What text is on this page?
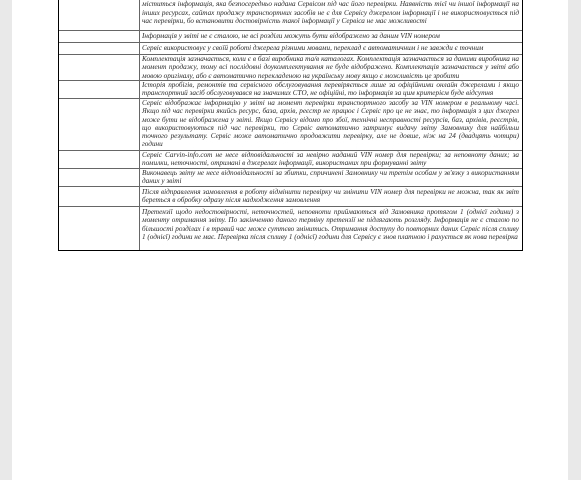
міститься інформація, яка безпосередньо надана Сервісом під час його перевірки. Наявність тієї чи іншої інформації на інших ресурсах, сайтах продажу транспортних засобів не є для Сервісу джерелом інформації і не використовується під час перевірки, бо встановити достовірність такої інформації у Сервіса не має можливості
Інформація у звіті не є сталою, не всі розділи можуть бути відображено за даним VIN номером
Сервіс використовує у своїй роботі джерела різними мовами, переклад є автоматичним і не завжди є точним
Комплектація зазначається, коли є в базі виробника та/в каталогах. Комплектація зазначається за даними виробника на момент продажу, тому всі послідовні доукомплектування не буде відображено. Комплектація зазначається у звіті або мовою оригіналу, або є автоматично перекладеною на українську мову якщо є можливість це зробити
Історія пробігів, ремонтів та сервісного обслуговування перевіряється лише за офіційними онлайн джерелами і якщо транспортний засіб обслуговувався на значимих СТО, не офіційні, то інформація за цим критерієм буде відсутня
Сервіс відображає інформацію у звіті на момент перевірки транспортного засобу за VIN номером в реальному часі. Якщо під час перевірки якийсь ресурс, база, архів, реєстр не працює і Сервіс про це не знає, то інформація з цих джерел може бути не відображена у звіті. Якщо Сервісу відомо про збої, технічні несправності ресурсів, баз, архівів, реєстрів, що використовуються під час перевірки, то Сервіс автоматично затримує видачу звіту Замовнику для найбільш точного результату. Сервіс може автоматично продовжити перевірку, але не довше, ніж на 24 (двадцять чотири) години
Сервіс Carvin-info.com не несе відповідальності за невірно наданий VIN номер для перевірки; за неповноту даних; за помилки, неточності, отримані в джерелах інформації, використаних при формуванні звіту
Виконавець звіту не несе відповідальності за збитки, спричинені Замовнику чи третім особам у зв'язку з використанням даних у звіті
Після відправлення замовлення в роботу відмінити перевірку чи змінити VIN номер для перевірки не можна, так як звіт береться в обробку одразу після надходження замовлення
Претензії щодо недостовірності, неточностей, неповноти приймаються від Замовника протягом 1 (однієї години) з моменту отримання звіту. По закінченню даного терміну претензії не підлягають розгляду. Інформація не є сталою по більшості розділах і в травий час може суттєво змінитись. Отримання доступу до повторних даних Сервіс після спливу 1 (однієї) години не має. Перевірка після спливу 1 (однієї) години для Сервісу є знов платною і рахується як нова перевірка
